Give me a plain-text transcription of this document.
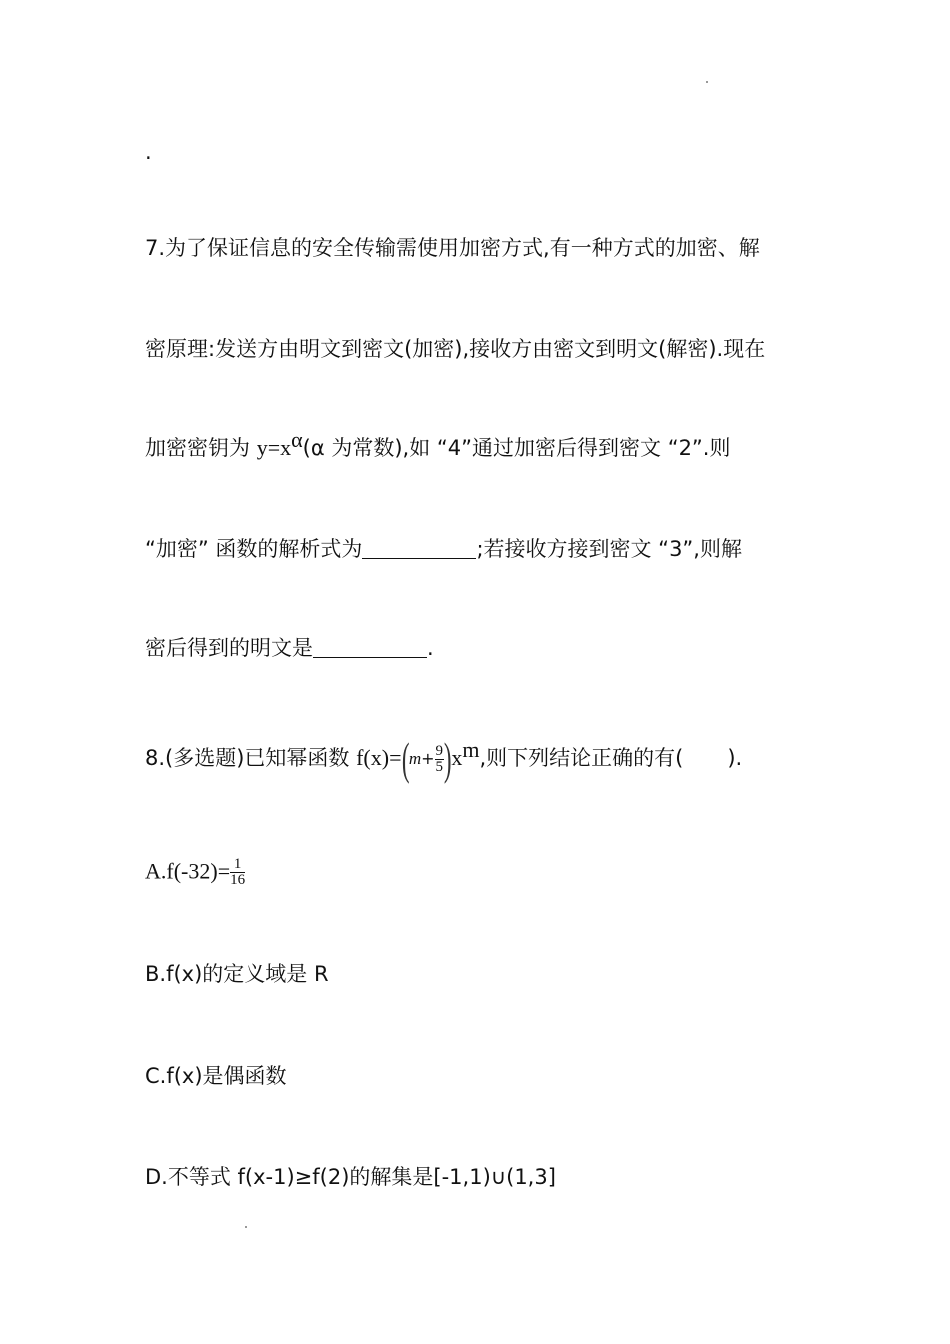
.
7.为了保证信息的安全传输需使用加密方式,有一种方式的加密、解
密原理:发送方由明文到密文(加密),接收方由密文到明文(解密).现在
加密密钥为 $y=x^\alpha(\alpha$ 为常数),如 “4”通过加密后得到密文 “2”.则
“加密” 函数的解析式为	;若接收方接到密文 “3”,则解
密后得到的明文是	.
8.(多选题)已知幂函数 $f(x)=(m+ \frac{9}{5} )x^m$,则下列结论正确的有( ).
$A.f(-32)= \frac{1}{16}$
B.f(x)的定义域是 R
C.f(x)是偶函数
D.不等式 f(x-1)≥f(2)的解集是[-1,1)∪(1,3]
